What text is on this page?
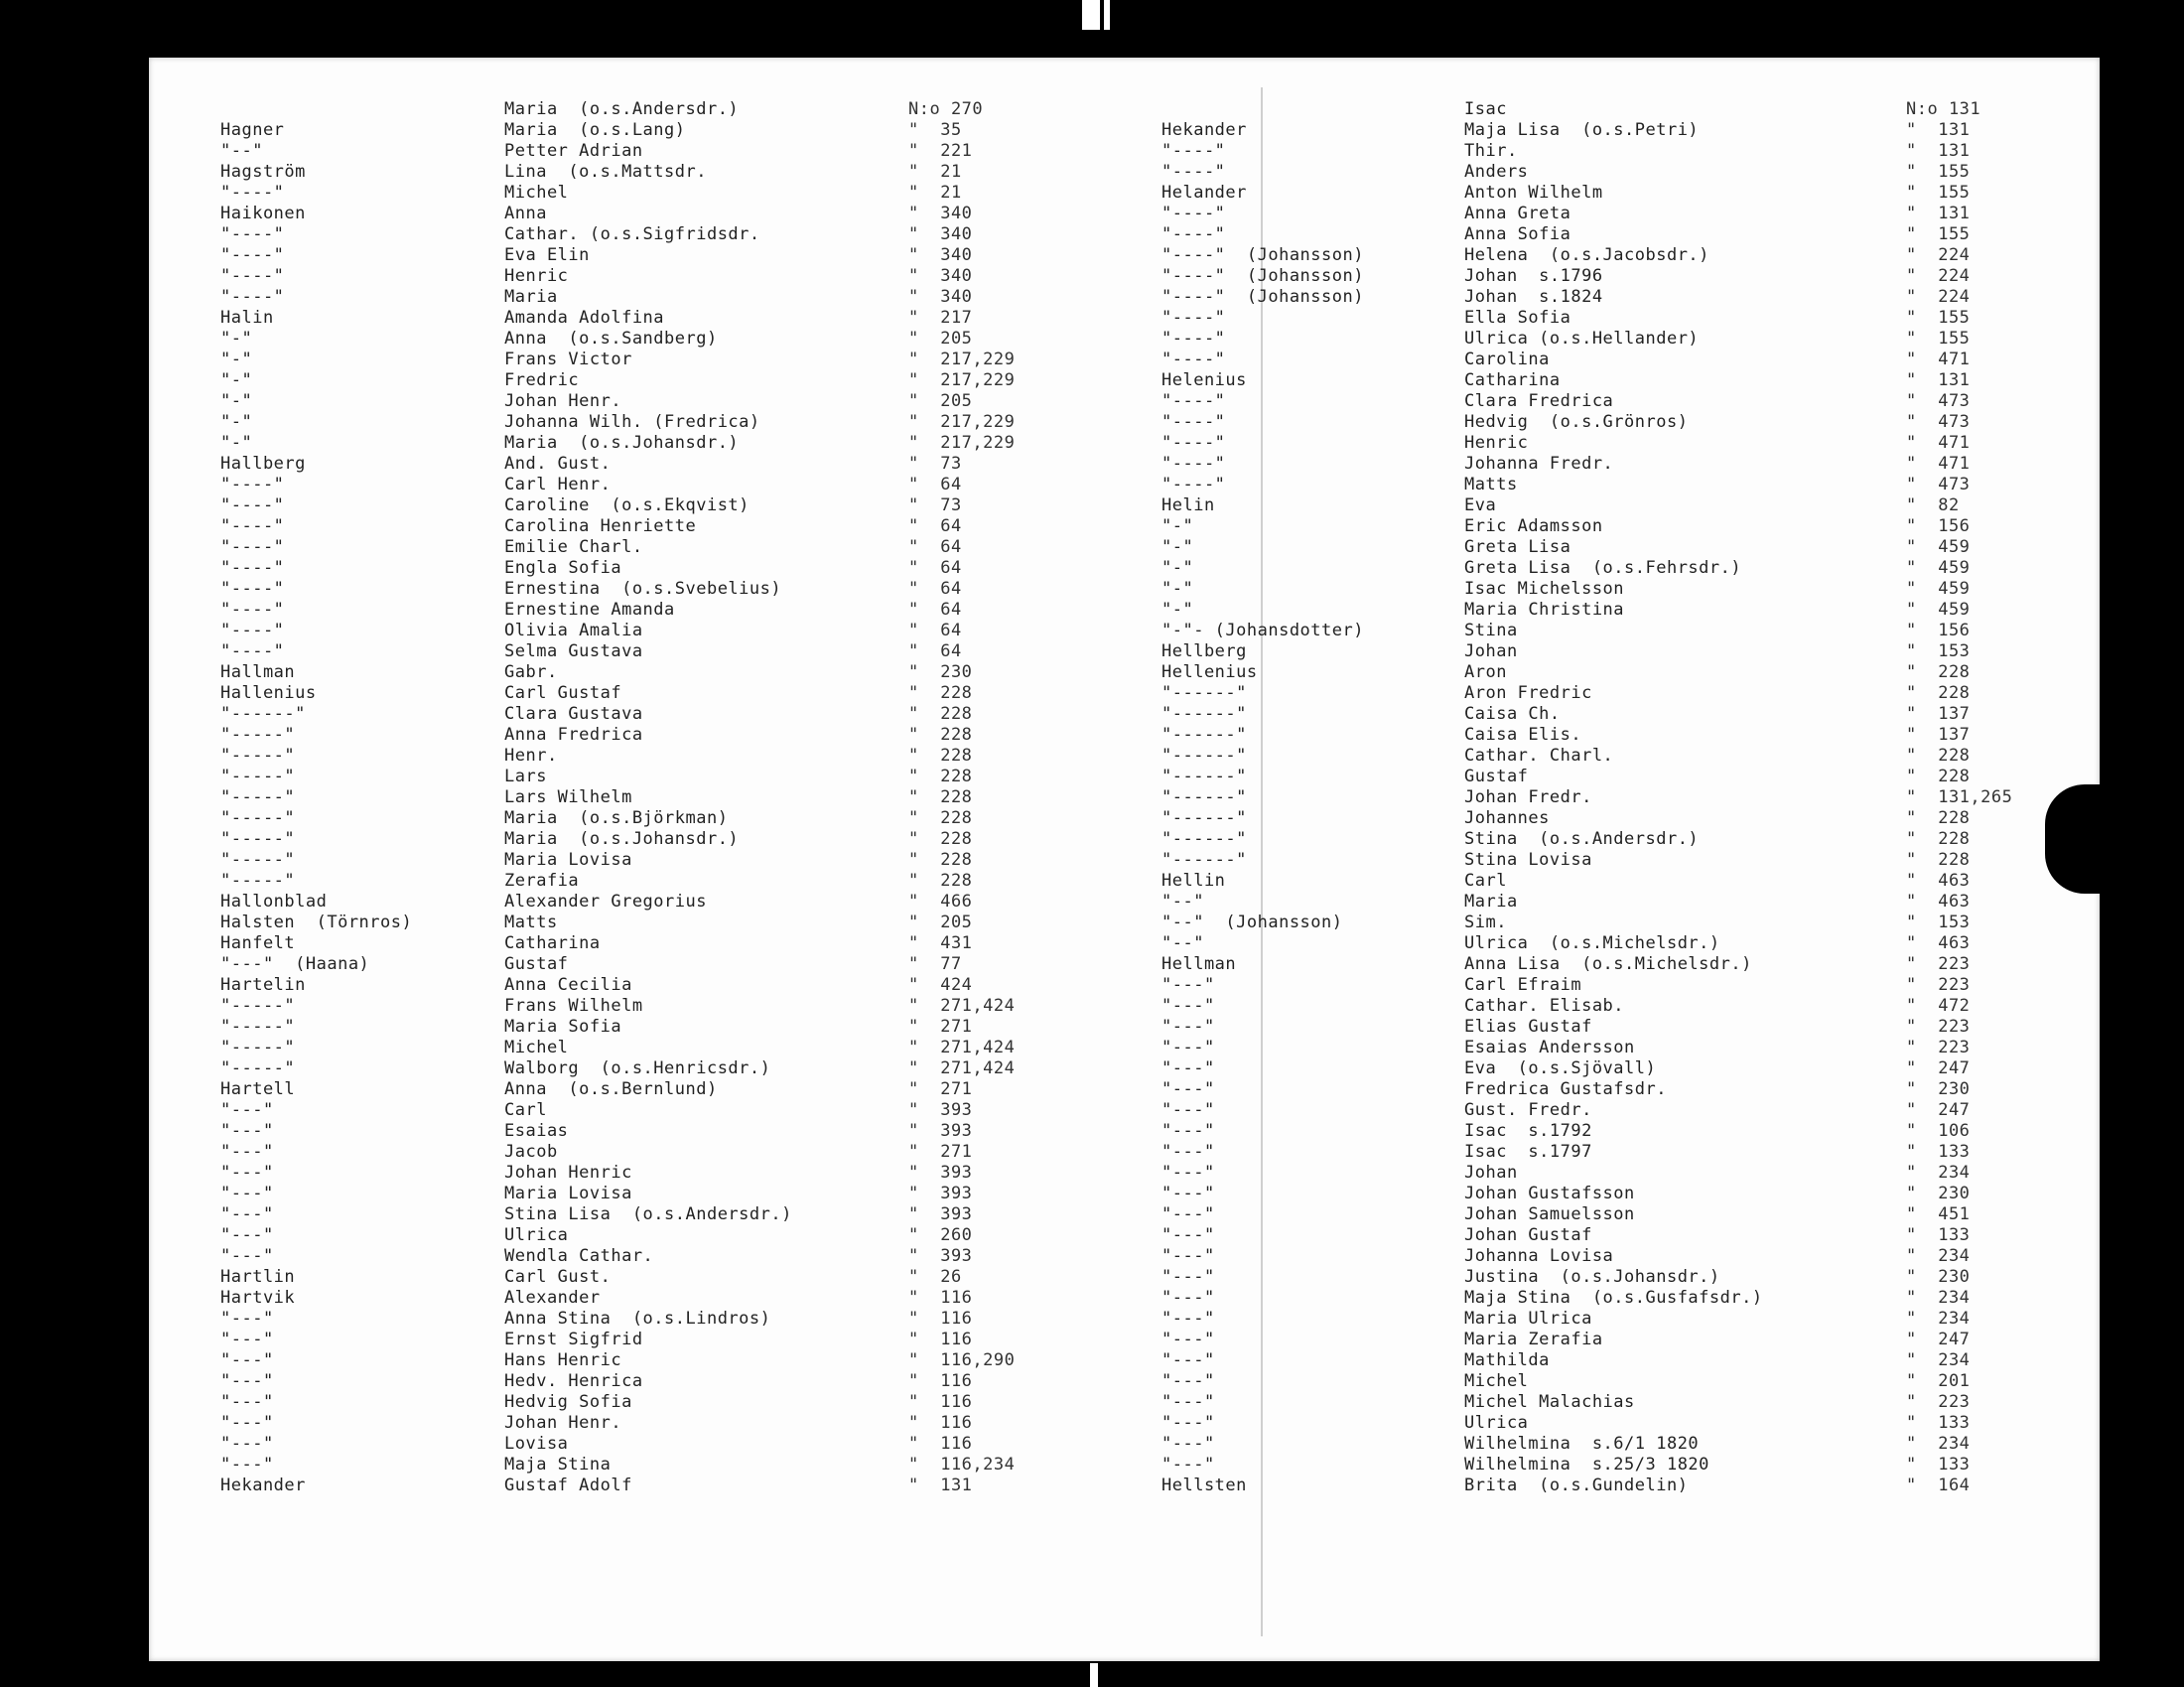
Hagner
"--"
Hagström
"----"
Haikonen
"----"
"----"
"----"
"----"
Halin
"-"
"-"
"-"
"-"
"-"
"-"
Hallberg
"----"
"----"
"----"
"----"
"----"
"----"
"----"
"----"
"----"
Hallman
Hallenius
"------"
"-----"
"-----"
"-----"
"-----"
"-----"
"-----"
"-----"
"-----"
Hallonblad
Halsten  (Törnros)
Hanfelt
"---"  (Haana)
Hartelin
"-----"
"-----"
"-----"
"-----"
Hartell
"---"
"---"
"---"
"---"
"---"
"---"
"---"
"---"
Hartlin
Hartvik
"---"
"---"
"---"
"---"
"---"
"---"
"---"
"---"
Hekander
Maria  (o.s.Andersdr.)
Maria  (o.s.Lang)
Petter Adrian
Lina  (o.s.Mattsdr.
Michel
Anna
Cathar. (o.s.Sigfridsdr.
Eva Elin
Henric
Maria
Amanda Adolfina
Anna  (o.s.Sandberg)
Frans Victor
Fredric
Johan Henr.
Johanna Wilh. (Fredrica)
Maria  (o.s.Johansdr.)
And. Gust.
Carl Henr.
Caroline  (o.s.Ekqvist)
Carolina Henriette
Emilie Charl.
Engla Sofia
Ernestina  (o.s.Svebelius)
Ernestine Amanda
Olivia Amalia
Selma Gustava
Gabr.
Carl Gustaf
Clara Gustava
Anna Fredrica
Henr.
Lars
Lars Wilhelm
Maria  (o.s.Björkman)
Maria  (o.s.Johansdr.)
Maria Lovisa
Zerafia
Alexander Gregorius
Matts
Catharina
Gustaf
Anna Cecilia
Frans Wilhelm
Maria Sofia
Michel
Walborg  (o.s.Henricsdr.)
Anna  (o.s.Bernlund)
Carl
Esaias
Jacob
Johan Henric
Maria Lovisa
Stina Lisa  (o.s.Andersdr.)
Ulrica
Wendla Cathar.
Carl Gust.
Alexander
Anna Stina  (o.s.Lindros)
Ernst Sigfrid
Hans Henric
Hedv. Henrica
Hedvig Sofia
Johan Henr.
Lovisa
Maja Stina
Gustaf Adolf
N:o 270
"  35
"  221
"  21
"  21
"  340
"  340
"  340
"  340
"  340
"  217
"  205
"  217,229
"  217,229
"  205
"  217,229
"  217,229
"  73
"  64
"  73
"  64
"  64
"  64
"  64
"  64
"  64
"  64
"  230
"  228
"  228
"  228
"  228
"  228
"  228
"  228
"  228
"  228
"  228
"  466
"  205
"  431
"  77
"  424
"  271,424
"  271
"  271,424
"  271,424
"  271
"  393
"  393
"  271
"  393
"  393
"  393
"  260
"  393
"  26
"  116
"  116
"  116
"  116,290
"  116
"  116
"  116
"  116
"  116,234
"  131
Hekander
"----"
"----"
Helander
"----"
"----"
"----"  (Johansson)
"----"  (Johansson)
"----"  (Johansson)
"----"
"----"
"----"
Helenius
"----"
"----"
"----"
"----"
"----"
Helin
"-"
"-"
"-"
"-"
"-"
"-"- (Johansdotter)
Hellberg
Hellenius
"------"
"------"
"------"
"------"
"------"
"------"
"------"
"------"
"------"
Hellin
"--"
"--"  (Johansson)
"--"
Hellman
"---"
"---"
"---"
"---"
"---"
"---"
"---"
"---"
"---"
"---"
"---"
"---"
"---"
"---"
"---"
"---"
"---"
"---"
"---"
"---"
"---"
"---"
"---"
"---"
Hellsten
Isac
Maja Lisa  (o.s.Petri)
Thir.
Anders
Anton Wilhelm
Anna Greta
Anna Sofia
Helena  (o.s.Jacobsdr.)
Johan  s.1796
Johan  s.1824
Ella Sofia
Ulrica (o.s.Hellander)
Carolina
Catharina
Clara Fredrica
Hedvig  (o.s.Grönros)
Henric
Johanna Fredr.
Matts
Eva
Eric Adamsson
Greta Lisa
Greta Lisa  (o.s.Fehrsdr.)
Isac Michelsson
Maria Christina
Stina
Johan
Aron
Aron Fredric
Caisa Ch.
Caisa Elis.
Cathar. Charl.
Gustaf
Johan Fredr.
Johannes
Stina  (o.s.Andersdr.)
Stina Lovisa
Carl
Maria
Sim.
Ulrica  (o.s.Michelsdr.)
Anna Lisa  (o.s.Michelsdr.)
Carl Efraim
Cathar. Elisab.
Elias Gustaf
Esaias Andersson
Eva  (o.s.Sjövall)
Fredrica Gustafsdr.
Gust. Fredr.
Isac  s.1792
Isac  s.1797
Johan
Johan Gustafsson
Johan Samuelsson
Johan Gustaf
Johanna Lovisa
Justina  (o.s.Johansdr.)
Maja Stina  (o.s.Gusfafsdr.)
Maria Ulrica
Maria Zerafia
Mathilda
Michel
Michel Malachias
Ulrica
Wilhelmina  s.6/1 1820
Wilhelmina  s.25/3 1820
Brita  (o.s.Gundelin)
N:o 131
"  131
"  131
"  155
"  155
"  131
"  155
"  224
"  224
"  224
"  155
"  155
"  471
"  131
"  473
"  473
"  471
"  471
"  473
"  82
"  156
"  459
"  459
"  459
"  459
"  156
"  153
"  228
"  228
"  137
"  137
"  228
"  228
"  131,265
"  228
"  228
"  228
"  463
"  463
"  153
"  463
"  223
"  223
"  472
"  223
"  223
"  247
"  230
"  247
"  106
"  133
"  234
"  230
"  451
"  133
"  234
"  230
"  234
"  234
"  247
"  234
"  201
"  223
"  133
"  234
"  133
"  164
